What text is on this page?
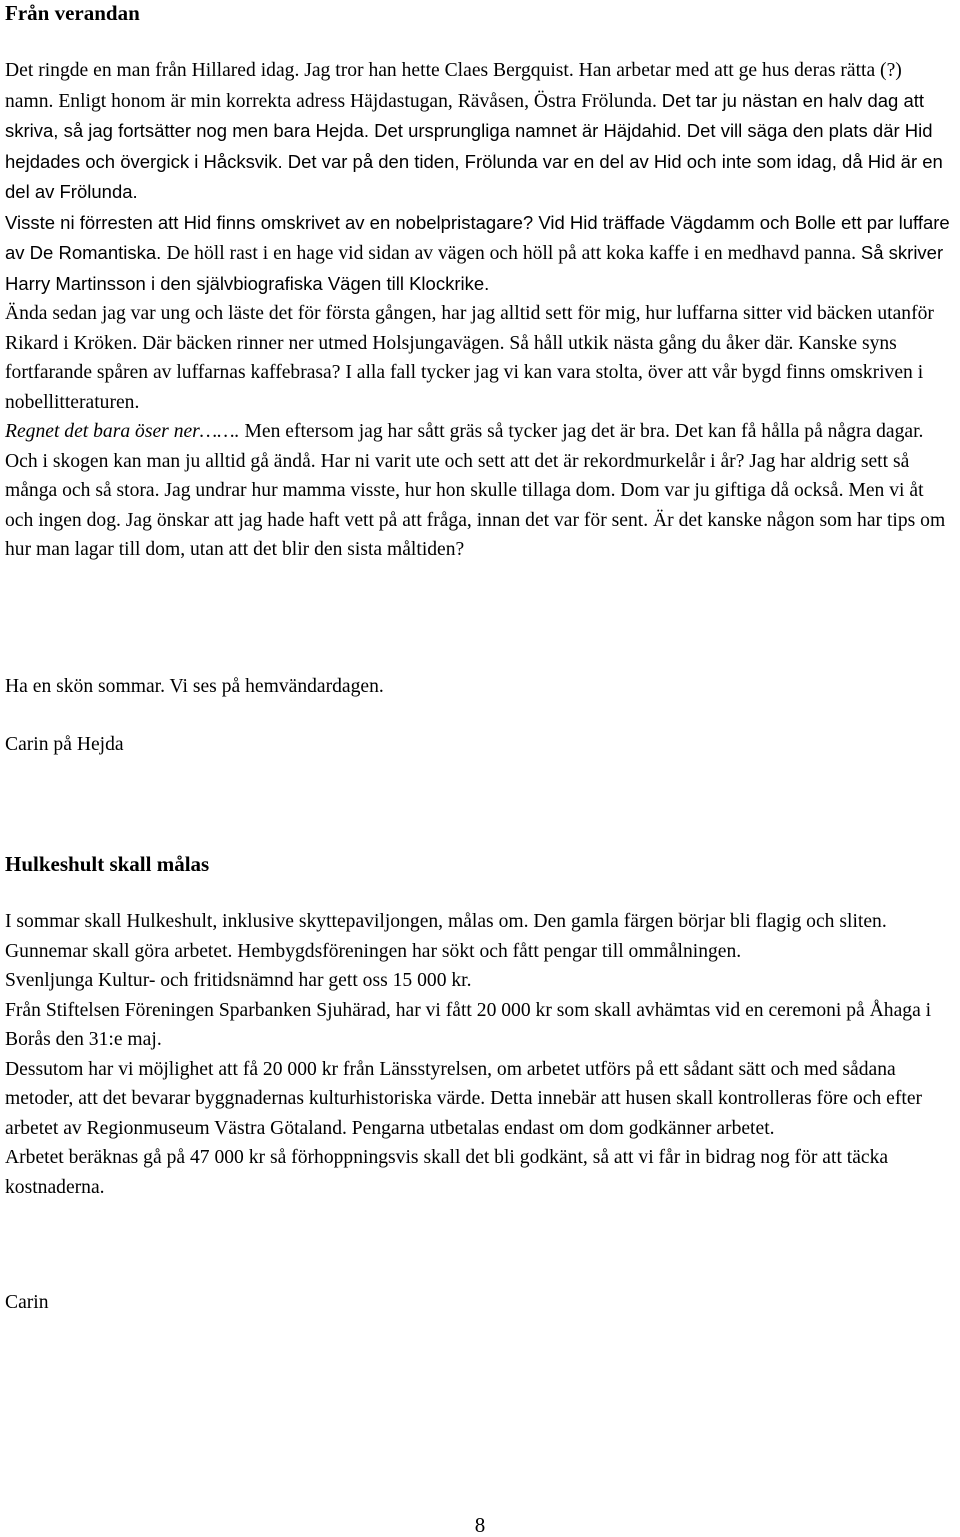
Från verandan

Det ringde en man från Hillared idag. Jag tror han hette Claes Bergquist. Han arbetar med att ge hus deras rätta (?) namn. Enligt honom är min korrekta adress Häjdastugan, Rävåsen, Östra Frölunda. Det tar ju nästan en halv dag att skriva, så jag fortsätter nog men bara Hejda. Det ursprungliga namnet är Häjdahid. Det vill säga den plats där Hid hejdades och övergick i Håcksvik. Det var på den tiden, Frölunda var en del av Hid och inte som idag, då Hid är en del av Frölunda.
Visste ni förresten att Hid finns omskrivet av en nobelpristagare? Vid Hid träffade Vägdamm och Bolle ett par luffare av De Romantiska. De höll rast i en hage vid sidan av vägen och höll på att koka kaffe i en medhavd panna. Så skriver Harry Martinsson i den självbiografiska Vägen till Klockrike.
Ända sedan jag var ung och läste det för första gången, har jag alltid sett för mig, hur luffarna sitter vid bäcken utanför Rikard i Kröken. Där bäcken rinner ner utmed Holsjungavägen. Så håll utkik nästa gång du åker där. Kanske syns fortfarande spåren av luffarnas kaffebrasa? I alla fall tycker jag vi kan vara stolta, över att vår bygd finns omskriven i nobellitteraturen.
Regnet det bara öser ner……. Men eftersom jag har sått gräs så tycker jag det är bra. Det kan få hålla på några dagar. Och i skogen kan man ju alltid gå ändå. Har ni varit ute och sett att det är rekordmurkelår i år? Jag har aldrig sett så många och så stora. Jag undrar hur mamma visste, hur hon skulle tillaga dom. Dom var ju giftiga då också. Men vi åt och ingen dog. Jag önskar att jag hade haft vett på att fråga, innan det var för sent. Är det kanske någon som har tips om hur man lagar till dom, utan att det blir den sista måltiden?

Ha en skön sommar. Vi ses på hemvändardagen.

Carin på Hejda

Hulkeshult skall målas

I sommar skall Hulkeshult, inklusive skyttepaviljongen, målas om. Den gamla färgen börjar bli flagig och sliten. Gunnemar skall göra arbetet. Hembygdsföreningen har sökt och fått pengar till ommålningen.
Svenljunga Kultur- och fritidsnämnd har gett oss 15 000 kr.
Från Stiftelsen Föreningen Sparbanken Sjuhärad, har vi fått 20 000 kr som skall avhämtas vid en ceremoni på Åhaga i Borås den 31:e maj.
Dessutom har vi möjlighet att få 20 000 kr från Länsstyrelsen, om arbetet utförs på ett sådant sätt och med sådana metoder, att det bevarar byggnadernas kulturhistoriska värde. Detta innebär att husen skall kontrolleras före och efter arbetet av Regionmuseum Västra Götaland. Pengarna utbetalas endast om dom godkänner arbetet.
Arbetet beräknas gå på 47 000 kr så förhoppningsvis skall det bli godkänt, så att vi får in bidrag nog för att täcka kostnaderna.

Carin

8
